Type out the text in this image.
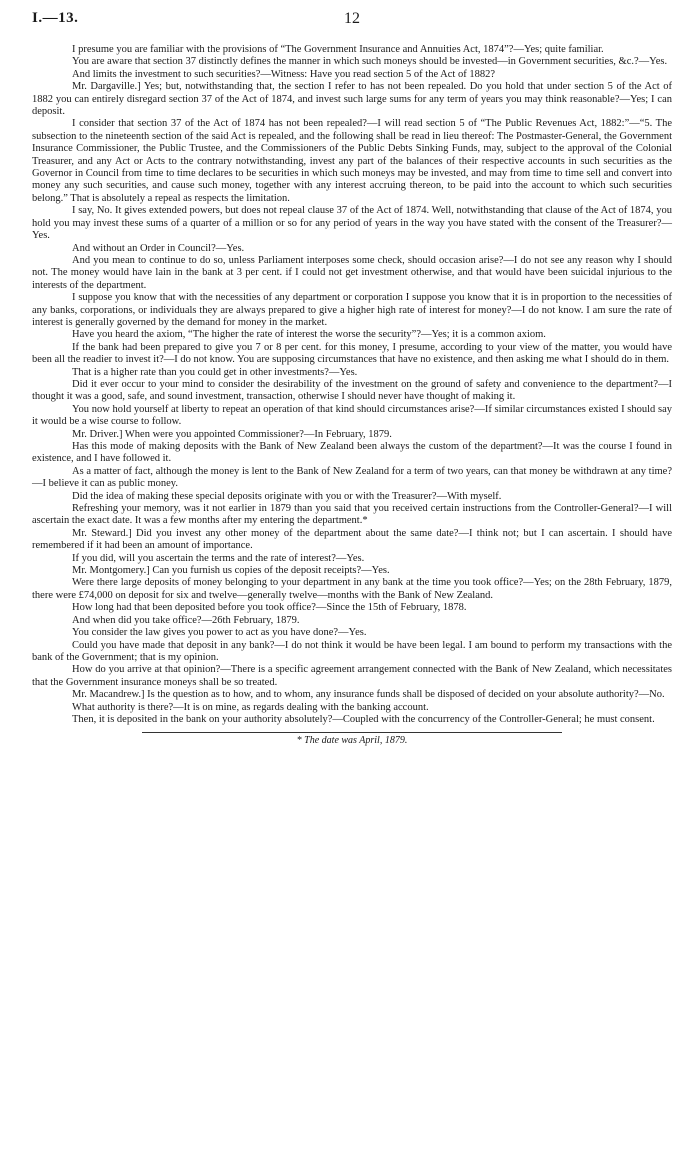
I.—13.	12

I presume you are familiar with the provisions of “The Government Insurance and Annuities Act, 1874”?—Yes; quite familiar.

You are aware that section 37 distinctly defines the manner in which such moneys should be invested—in Government securities, &c.?—Yes.

And limits the investment to such securities?—Witness: Have you read section 5 of the Act of 1882?

Mr. Dargaville.] Yes; but, notwithstanding that, the section I refer to has not been repealed. Do you hold that under section 5 of the Act of 1882 you can entirely disregard section 37 of the Act of 1874, and invest such large sums for any term of years you may think reasonable?—Yes; I can deposit.

I consider that section 37 of the Act of 1874 has not been repealed?—I will read section 5 of “The Public Revenues Act, 1882:”—“5. The subsection to the nineteenth section of the said Act is repealed, and the following shall be read in lieu thereof: The Postmaster-General, the Government Insurance Commissioner, the Public Trustee, and the Commissioners of the Public Debts Sinking Funds, may, subject to the approval of the Colonial Treasurer, and any Act or Acts to the contrary notwithstanding, invest any part of the balances of their respective accounts in such securities as the Governor in Council from time to time declares to be securities in which such moneys may be invested, and may from time to time sell and convert into money any such securities, and cause such money, together with any interest accruing thereon, to be paid into the account to which such securities belong.” That is absolutely a repeal as respects the limitation.

I say, No. It gives extended powers, but does not repeal clause 37 of the Act of 1874. Well, notwithstanding that clause of the Act of 1874, you hold you may invest these sums of a quarter of a million or so for any period of years in the way you have stated with the consent of the Treasurer?—Yes.

And without an Order in Council?—Yes.

And you mean to continue to do so, unless Parliament interposes some check, should occasion arise?—I do not see any reason why I should not. The money would have lain in the bank at 3 per cent. if I could not get investment otherwise, and that would have been suicidal injurious to the interests of the department.

I suppose you know that with the necessities of any department or corporation I suppose you know that it is in proportion to the necessities of any banks, corporations, or individuals they are always prepared to give a higher high rate of interest for money?—I do not know. I am sure the rate of interest is generally governed by the demand for money in the market.

Have you heard the axiom, “The higher the rate of interest the worse the security”?—Yes; it is a common axiom.

If the bank had been prepared to give you 7 or 8 per cent. for this money, I presume, according to your view of the matter, you would have been all the readier to invest it?—I do not know. You are supposing circumstances that have no existence, and then asking me what I should do in them.

That is a higher rate than you could get in other investments?—Yes.

Did it ever occur to your mind to consider the desirability of the investment on the ground of safety and convenience to the department?—I thought it was a good, safe, and sound investment, transaction, otherwise I should never have thought of making it.

You now hold yourself at liberty to repeat an operation of that kind should circumstances arise?—If similar circumstances existed I should say it would be a wise course to follow.

Mr. Driver.] When were you appointed Commissioner?—In February, 1879.

Has this mode of making deposits with the Bank of New Zealand been always the custom of the department?—It was the course I found in existence, and I have followed it.

As a matter of fact, although the money is lent to the Bank of New Zealand for a term of two years, can that money be withdrawn at any time?—I believe it can as public money.

Did the idea of making these special deposits originate with you or with the Treasurer?—With myself.

Refreshing your memory, was it not earlier in 1879 than you said that you received certain instructions from the Controller-General?—I will ascertain the exact date. It was a few months after my entering the department.*

Mr. Steward.] Did you invest any other money of the department about the same date?—I think not; but I can ascertain. I should have remembered if it had been an amount of importance.

If you did, will you ascertain the terms and the rate of interest?—Yes.

Mr. Montgomery.] Can you furnish us copies of the deposit receipts?—Yes.

Were there large deposits of money belonging to your department in any bank at the time you took office?—Yes; on the 28th February, 1879, there were £74,000 on deposit for six and twelve—generally twelve—months with the Bank of New Zealand.

How long had that been deposited before you took office?—Since the 15th of February, 1878.

And when did you take office?—26th February, 1879.

You consider the law gives you power to act as you have done?—Yes.

Could you have made that deposit in any bank?—I do not think it would be have been legal. I am bound to perform my transactions with the bank of the Government; that is my opinion.

How do you arrive at that opinion?—There is a specific agreement arrangement connected with the Bank of New Zealand, which necessitates that the Government insurance moneys shall be so treated.

Mr. Macandrew.] Is the question as to how, and to whom, any insurance funds shall be disposed of decided on your absolute authority?—No.

What authority is there?—It is on mine, as regards dealing with the banking account.

Then, it is deposited in the bank on your authority absolutely?—Coupled with the concurrency of the Controller-General; he must consent.

* The date was April, 1879.
